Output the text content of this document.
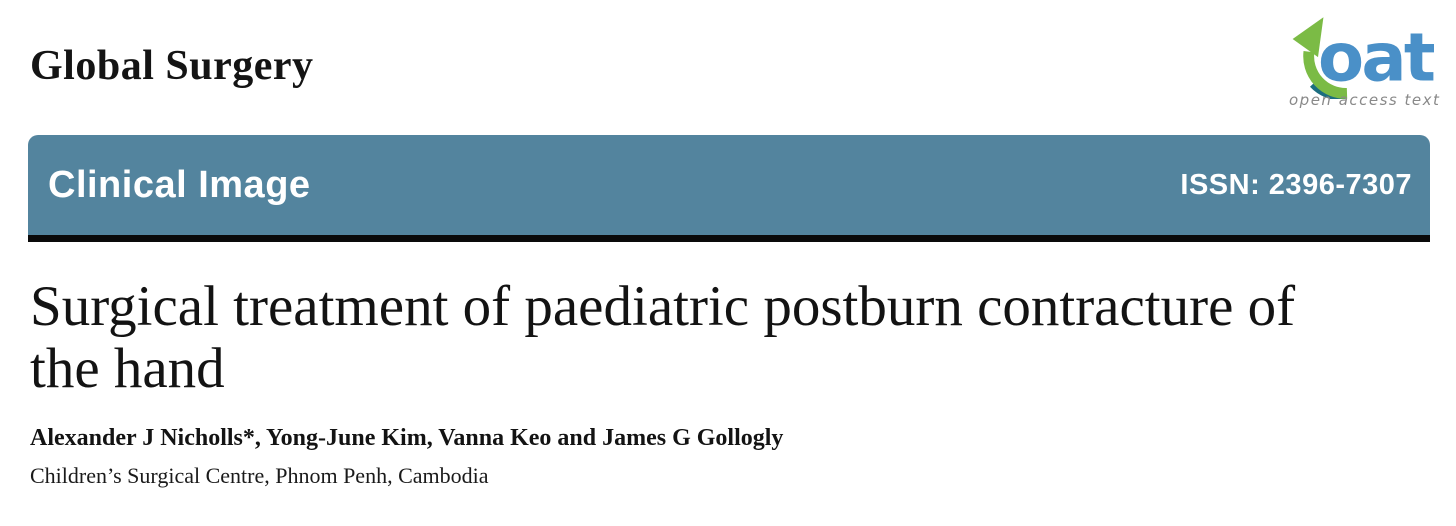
Global Surgery	oat
open access text
Clinical Image	ISSN: 2396-7307
Surgical treatment of paediatric postburn contracture of the hand

Alexander J Nicholls*, Yong-June Kim, Vanna Keo and James G Gollogly

Children’s Surgical Centre, Phnom Penh, Cambodia
